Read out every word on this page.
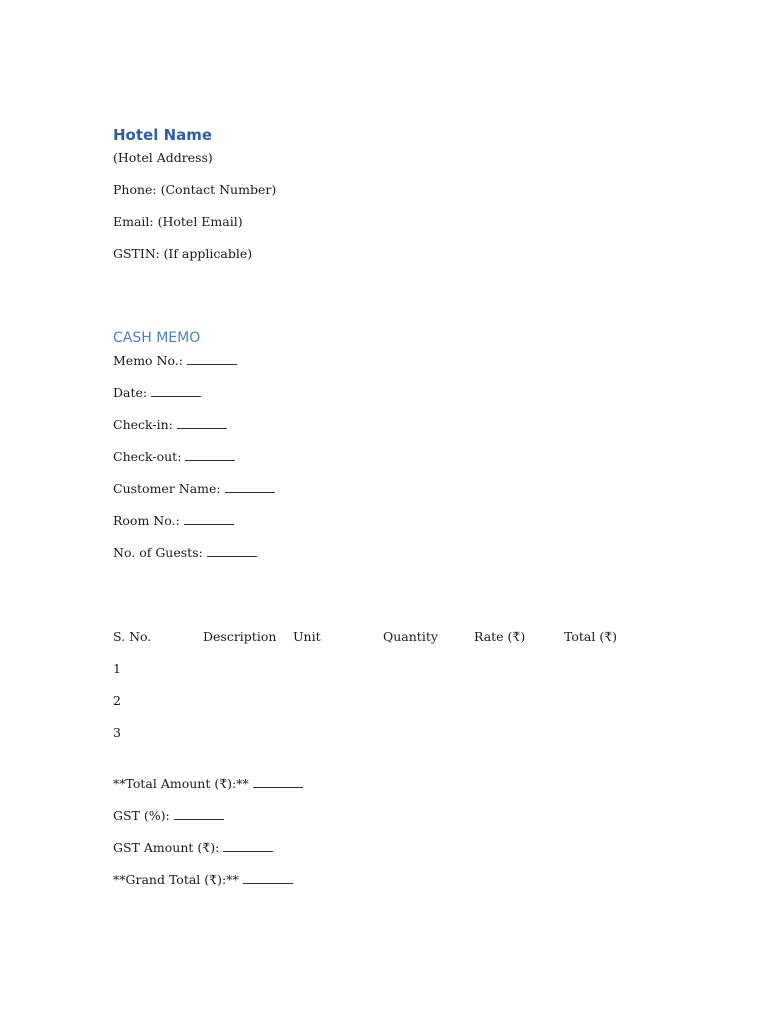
Hotel Name

(Hotel Address)

Phone: (Contact Number)

Email: (Hotel Email)

GSTIN: (If applicable)

CASH MEMO

Memo No.:

Date:

Check-in:

Check-out:

Customer Name:

Room No.:

No. of Guests:

S. No.	Description	Unit	Quantity	Rate (₹)	Total (₹)
1
2
3

**Total Amount (₹):**

GST (%):

GST Amount (₹):

**Grand Total (₹):**
